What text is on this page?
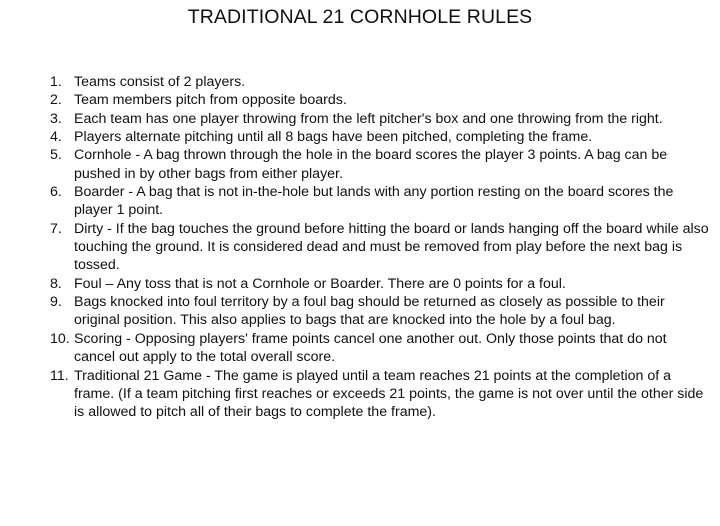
TRADITIONAL 21 CORNHOLE RULES
1. Teams consist of 2 players.
2. Team members pitch from opposite boards.
3. Each team has one player throwing from the left pitcher's box and one throwing from the right.
4. Players alternate pitching until all 8 bags have been pitched, completing the frame.
5. Cornhole - A bag thrown through the hole in the board scores the player 3 points. A bag can be pushed in by other bags from either player.
6. Boarder - A bag that is not in-the-hole but lands with any portion resting on the board scores the player 1 point.
7. Dirty - If the bag touches the ground before hitting the board or lands hanging off the board while also touching the ground. It is considered dead and must be removed from play before the next bag is tossed.
8. Foul – Any toss that is not a Cornhole or Boarder. There are 0 points for a foul.
9. Bags knocked into foul territory by a foul bag should be returned as closely as possible to their original position. This also applies to bags that are knocked into the hole by a foul bag.
10. Scoring - Opposing players' frame points cancel one another out. Only those points that do not cancel out apply to the total overall score.
11. Traditional 21 Game - The game is played until a team reaches 21 points at the completion of a frame. (If a team pitching first reaches or exceeds 21 points, the game is not over until the other side is allowed to pitch all of their bags to complete the frame).
